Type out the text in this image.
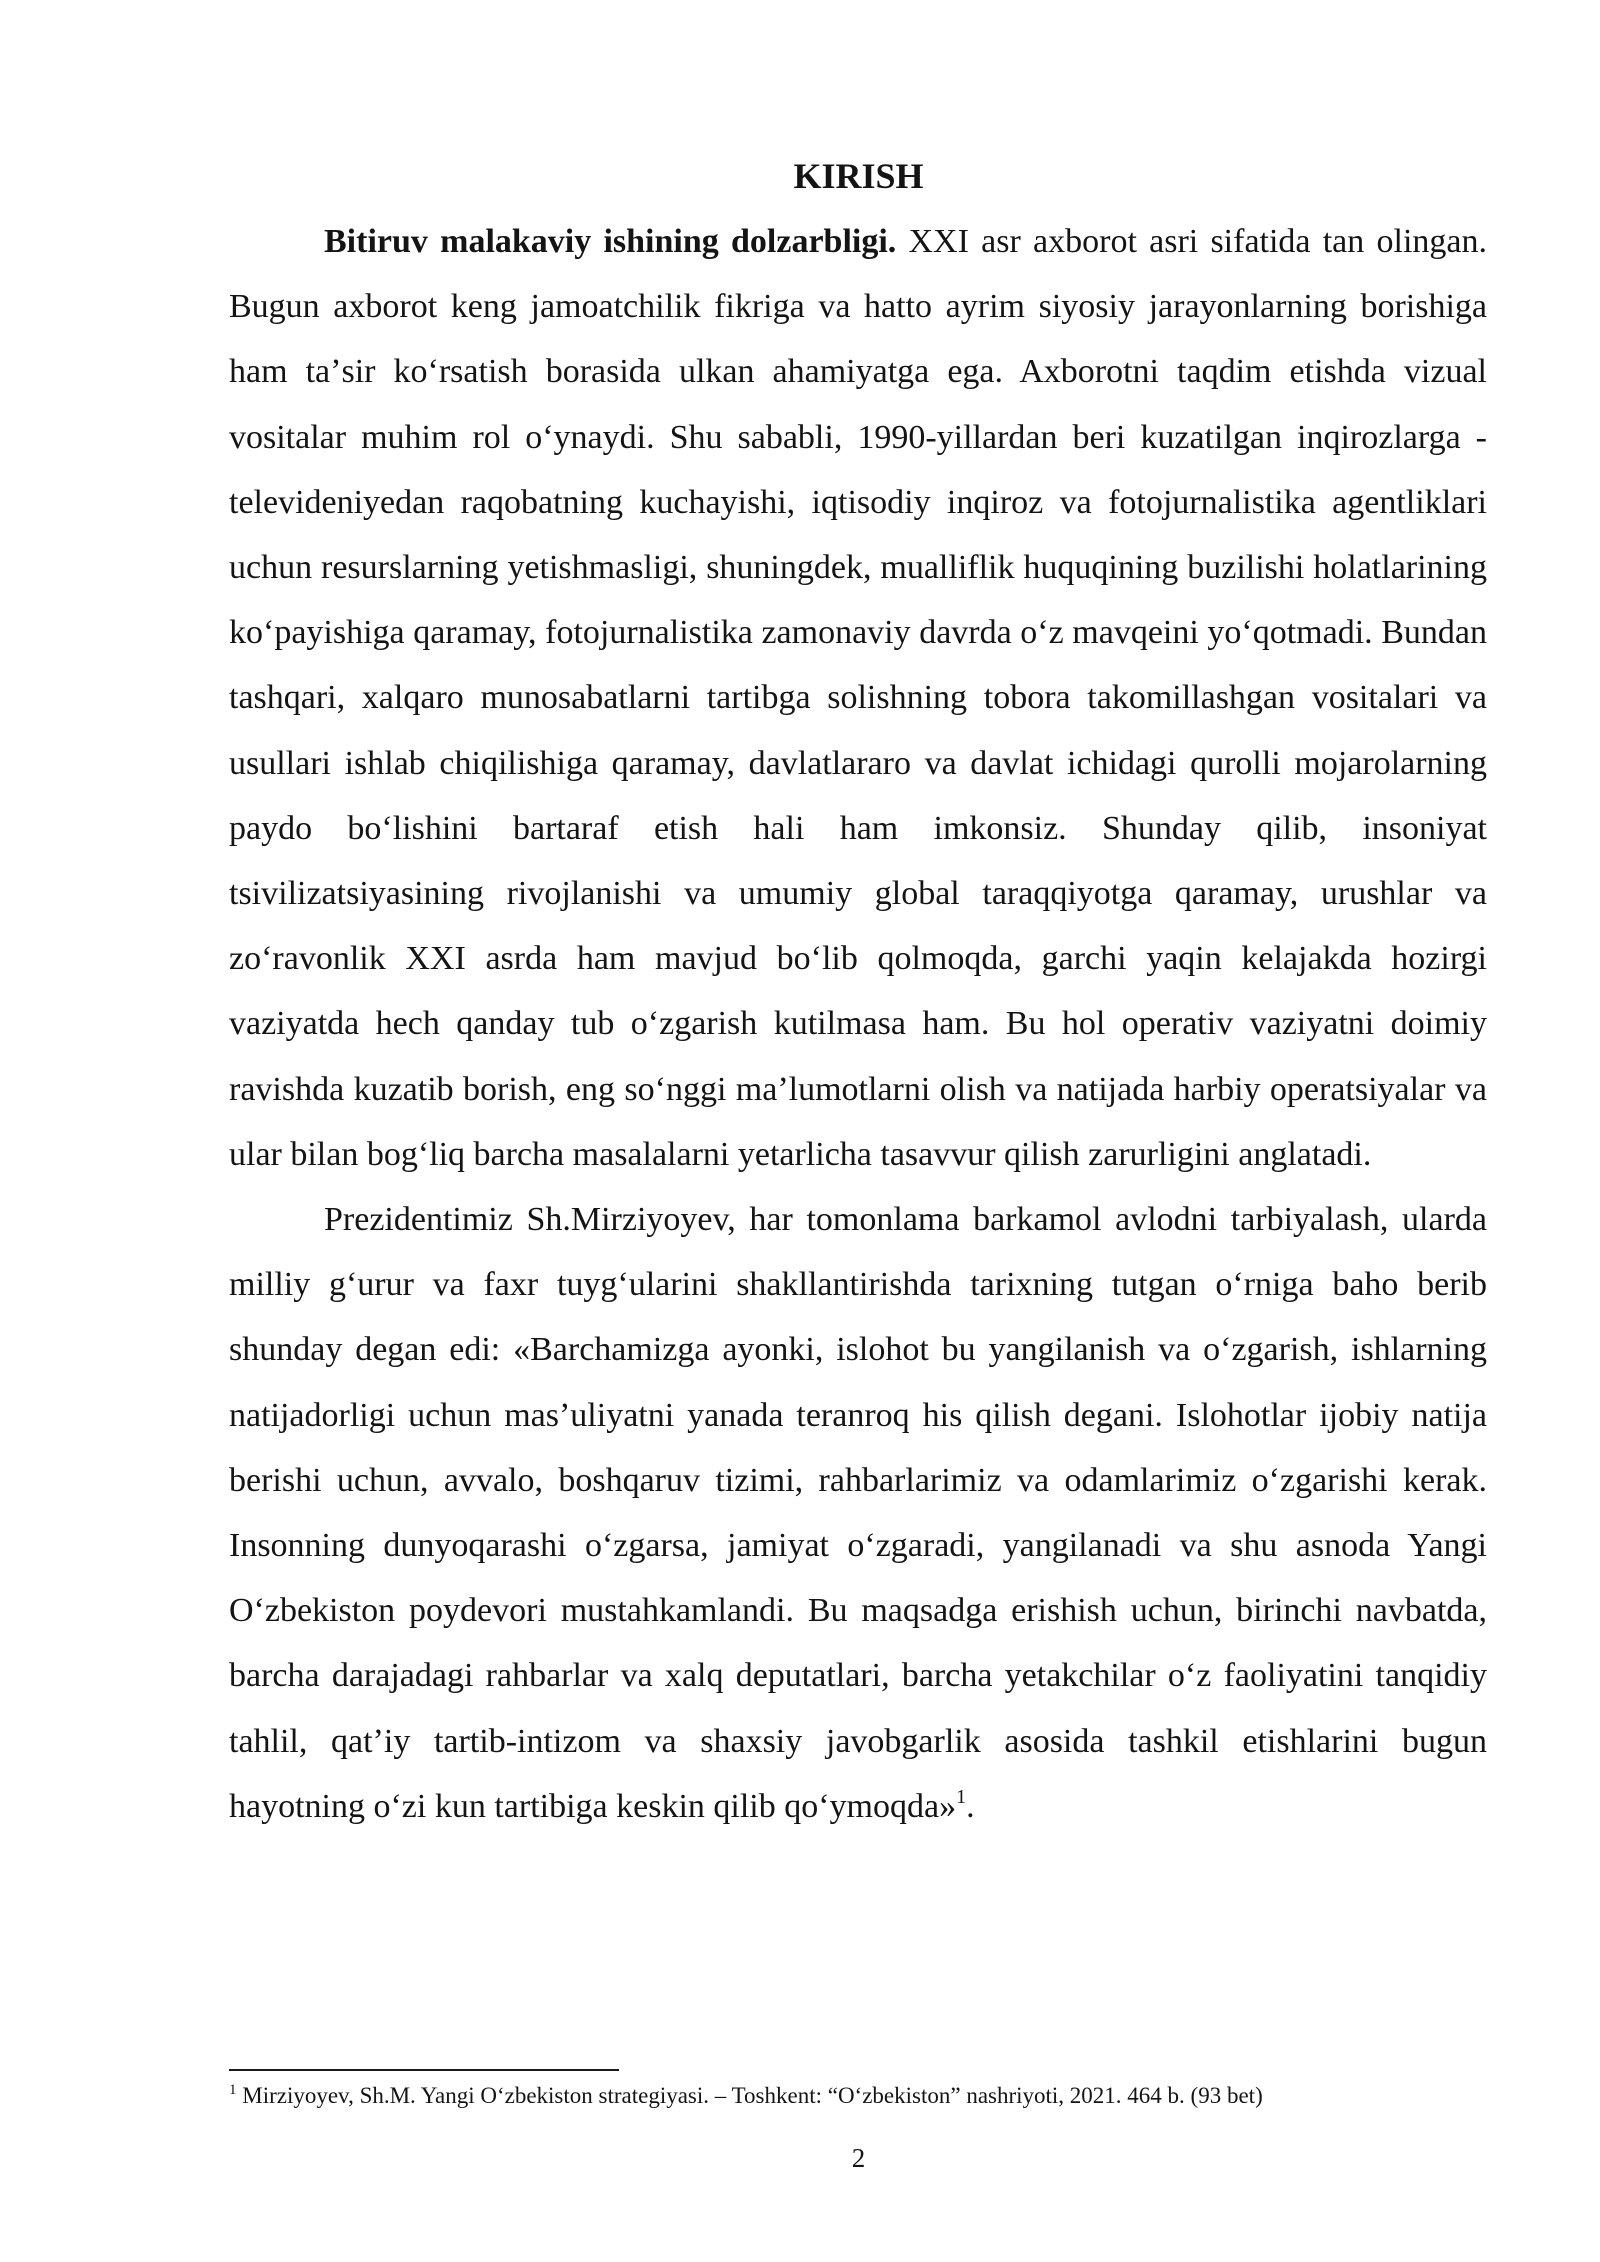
KIRISH

Bitiruv malakaviy ishining dolzarbligi. XXI asr axborot asri sifatida tan olingan. Bugun axborot keng jamoatchilik fikriga va hatto ayrim siyosiy jarayonlarning borishiga ham taʼsir koʻrsatish borasida ulkan ahamiyatga ega. Axborotni taqdim etishda vizual vositalar muhim rol oʻynaydi. Shu sababli, 1990-yillardan beri kuzatilgan inqirozlarga - televideniyedan raqobatning kuchayishi, iqtisodiy inqiroz va fotojurnalistika agentliklari uchun resurslarning yetishmasligi, shuningdek, mualliflik huquqining buzilishi holatlarining koʻpayishiga qaramay, fotojurnalistika zamonaviy davrda oʻz mavqeini yoʻqotmadi. Bundan tashqari, xalqaro munosabatlarni tartibga solishning tobora takomillashgan vositalari va usullari ishlab chiqilishiga qaramay, davlatlararo va davlat ichidagi qurolli mojarolarning paydo boʻlishini bartaraf etish hali ham imkonsiz. Shunday qilib, insoniyat tsivilizatsiyasining rivojlanishi va umumiy global taraqqiyotga qaramay, urushlar va zoʻravonlik XXI asrda ham mavjud boʻlib qolmoqda, garchi yaqin kelajakda hozirgi vaziyatda hech qanday tub oʻzgarish kutilmasa ham. Bu hol operativ vaziyatni doimiy ravishda kuzatib borish, eng soʻnggi maʼlumotlarni olish va natijada harbiy operatsiyalar va ular bilan bogʻliq barcha masalalarni yetarlicha tasavvur qilish zarurligini anglatadi.

Prezidentimiz Sh.Mirziyoyev, har tomonlama barkamol avlodni tarbiyalash, ularda milliy gʻurur va faxr tuygʻularini shakllantirishda tarixning tutgan oʻrniga baho berib shunday degan edi: «Barchamizga ayonki, islohot bu yangilanish va oʻzgarish, ishlarning natijadorligi uchun masʼuliyatni yanada teranroq his qilish degani. Islohotlar ijobiy natija berishi uchun, avvalo, boshqaruv tizimi, rahbarlarimiz va odamlarimiz oʻzgarishi kerak. Insonning dunyoqarashi oʻzgarsa, jamiyat oʻzgaradi, yangilanadi va shu asnoda Yangi Oʻzbekiston poydevori mustahkamlandi. Bu maqsadga erishish uchun, birinchi navbatda, barcha darajadagi rahbarlar va xalq deputatlari, barcha yetakchilar oʻz faoliyatini tanqidiy tahlil, qatʼiy tartib-intizom va shaxsiy javobgarlik asosida tashkil etishlarini bugun hayotning oʻzi kun tartibiga keskin qilib qoʻymoqda»$^1$.

$^1$ Mirziyoyev, Sh.M. Yangi Oʻzbekiston strategiyasi. – Toshkent: “Oʻzbekiston” nashriyoti, 2021. 464 b. (93 bet)
2
